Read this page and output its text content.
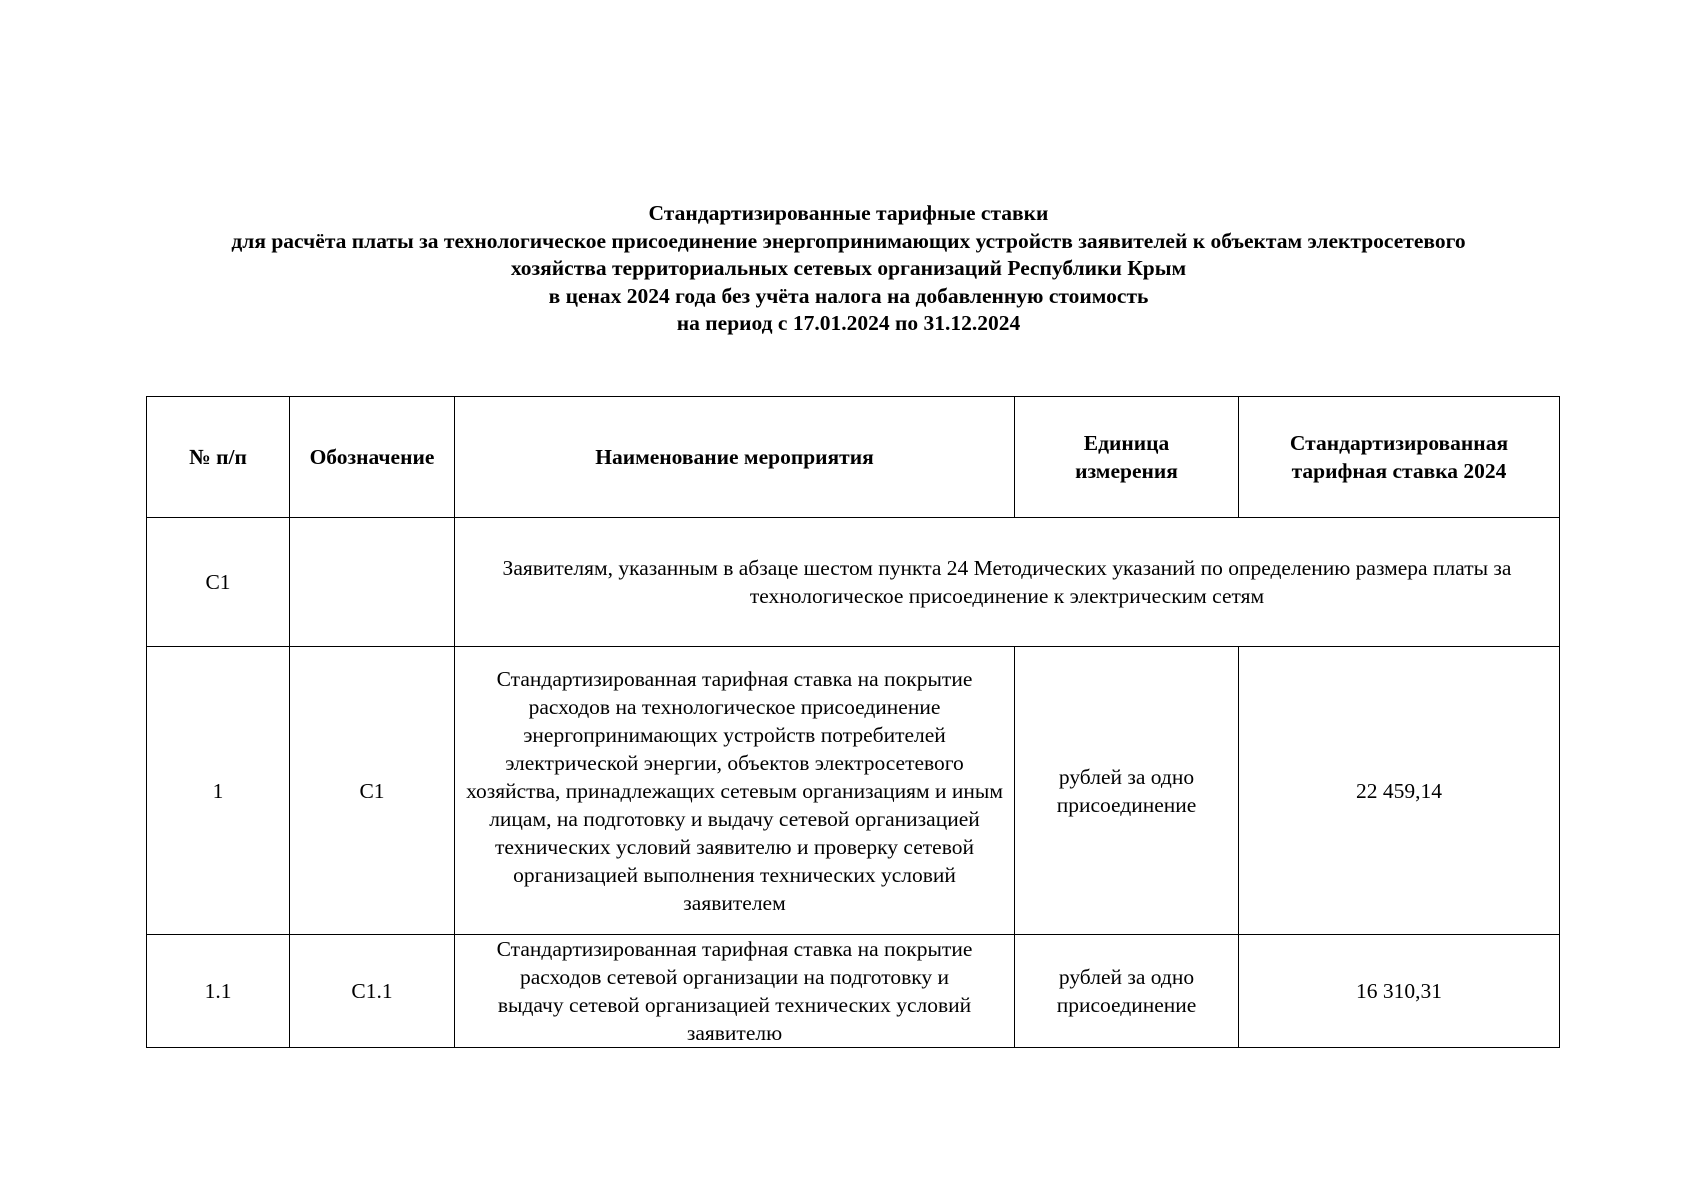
Стандартизированные тарифные ставки
для расчёта платы за технологическое присоединение энергопринимающих устройств заявителей к объектам электросетевого
хозяйства территориальных сетевых организаций Республики Крым
в ценах 2024 года без учёта налога на добавленную стоимость
на период с 17.01.2024 по 31.12.2024
№ п/п	Обозначение	Наименование мероприятия	Единица измерения	Стандартизированная тарифная ставка 2024
С1		Заявителям, указанным в абзаце шестом пункта 24 Методических указаний по определению размера платы за технологическое присоединение к электрическим сетям		
1	С1	Стандартизированная тарифная ставка на покрытие расходов на технологическое присоединение энергопринимающих устройств потребителей электрической энергии, объектов электросетевого хозяйства, принадлежащих сетевым организациям и иным лицам, на подготовку и выдачу сетевой организацией технических условий заявителю и проверку сетевой организацией выполнения технических условий заявителем	рублей за одно присоединение	22 459,14
1.1	С1.1	Стандартизированная тарифная ставка на покрытие расходов сетевой организации на подготовку и выдачу сетевой организацией технических условий заявителю	рублей за одно присоединение	16 310,31
